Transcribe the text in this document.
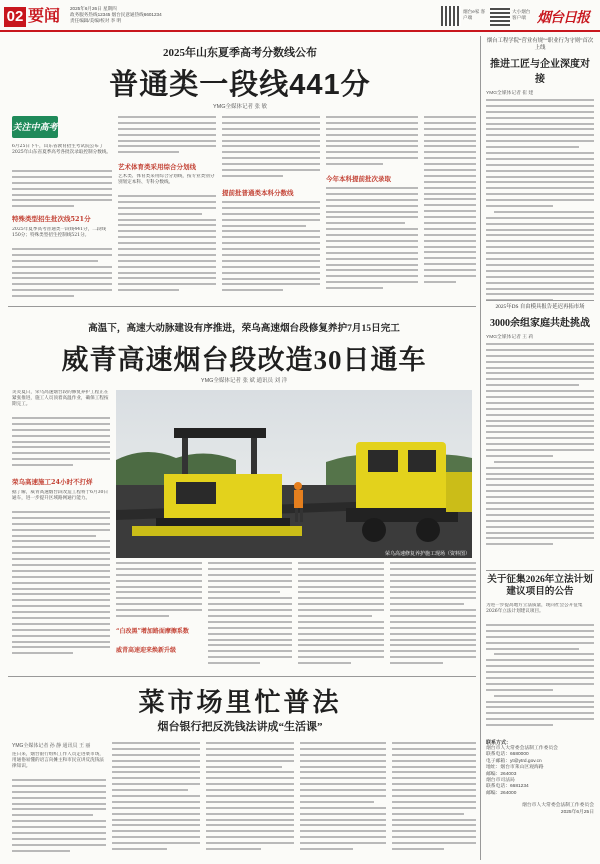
02 要闻 2025年6月26日 星期四
政务服务热线12345 烟台民意通热线6601234
责任编辑/美编/校对 李 明
烟台e家 客户端
大小烟台 客户端 烟台日报
2025年山东夏季高考分数线公布
普通类一段线441分
YMG全媒体记者 张 敏
关注中高考
6月25日下午，山东省教育招生考试院公布了2025年山东省夏季高考各批次录取控制分数线。
特殊类型招生批次线521分
2025年夏季高考普通类一段线441分，二段线150分；特殊类型招生控制线521分。
艺术体育类采用综合分划线
艺术类、体育类采用综合分划线，按专业类别分别划定本科、专科分数线。
提前批普通类本科分数线
今年本科提前批次录取
高温下，高速大动脉建设有序推进，荣乌高速烟台段修复养护7月15日完工
威青高速烟台段改造30日通车
YMG全媒体记者 张 斌 通讯员 刘 洋
炎炎夏日，荣乌高速烟台段的修复养护工程正在紧张推进，施工人员顶着高温作业，确保工程按期完工。
荣乌高速施工24小时不打烊
据了解，威青高速烟台段改造工程将于6月30日通车，进一步提升区域路网通行能力。
荣乌高速修复养护施工现场（资料图）
“白改黑”增加路面摩擦系数
威青高速迎来焕新升级
菜市场里忙普法
烟台银行把反洗钱法讲成“生活课”
YMG全媒体记者 孙 静 通讯员 王 丽
连日来，烟台银行组织工作人员走进菜市场，用通俗易懂的语言向摊主和市民宣讲反洗钱法律知识。
烟台工程学院“营业有规”“职业行为守则”首次上线
推进工匠与企业深度对接
YMG全媒体记者 崔 建
2025年DS 自由模具报告延迟再拓市场
3000余组家庭共赴挑战
YMG全媒体记者 王 莉
关于征集2026年立法计划建议项目的公告
为进一步提高地方立法质量，现向社会公开征集2026年立法计划建议项目。
联系方式：
烟台市人大常委会法制工作委员会
联系电话：6680000
电子邮箱：yt@ytrd.gov.cn
地址：烟台市莱山区观海路
邮编：264003
烟台市司法局
联系电话：6681234
邮编：264000
烟台市人大常委会法制工作委员会
2025年6月25日
